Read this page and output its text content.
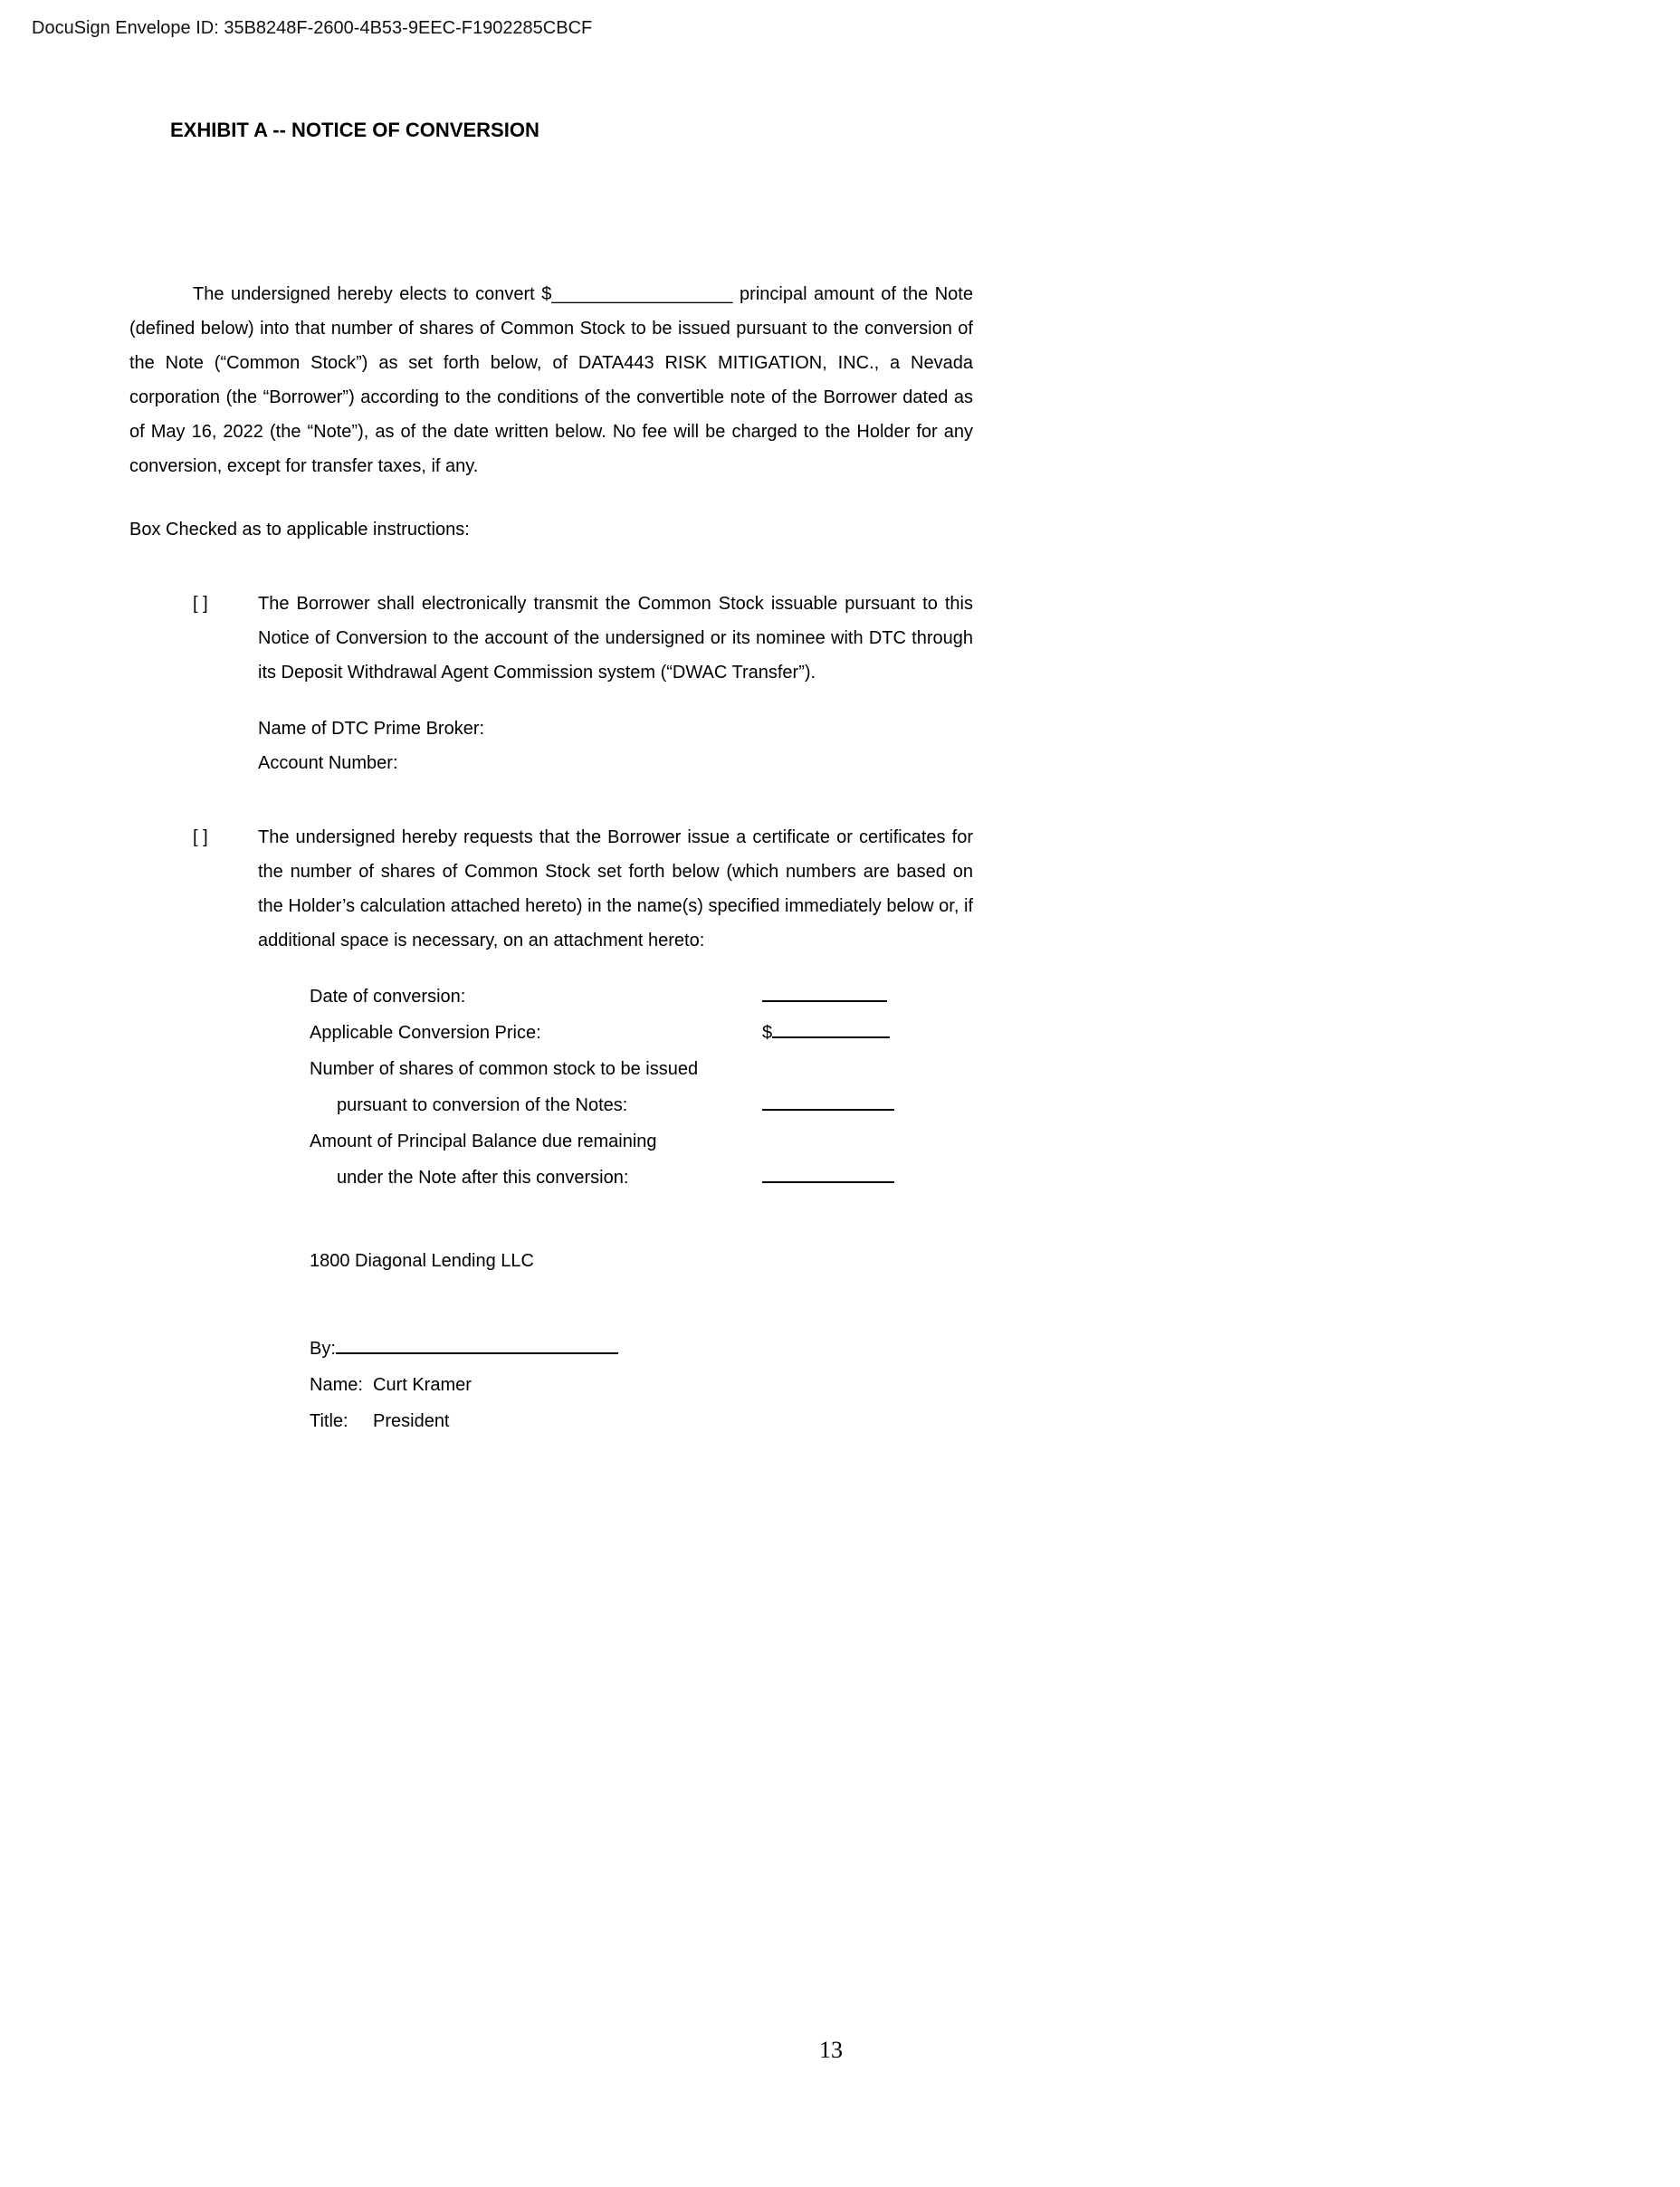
DocuSign Envelope ID: 35B8248F-2600-4B53-9EEC-F1902285CBCF
EXHIBIT A -- NOTICE OF CONVERSION
The undersigned hereby elects to convert $__________________ principal amount of the Note (defined below) into that number of shares of Common Stock to be issued pursuant to the conversion of the Note (“Common Stock”) as set forth below, of DATA443 RISK MITIGATION, INC., a Nevada corporation (the “Borrower”) according to the conditions of the convertible note of the Borrower dated as of May 16, 2022 (the “Note”), as of the date written below. No fee will be charged to the Holder for any conversion, except for transfer taxes, if any.
Box Checked as to applicable instructions:
[ ]	The Borrower shall electronically transmit the Common Stock issuable pursuant to this Notice of Conversion to the account of the undersigned or its nominee with DTC through its Deposit Withdrawal Agent Commission system (“DWAC Transfer”).
Name of DTC Prime Broker:
Account Number:
[ ]	The undersigned hereby requests that the Borrower issue a certificate or certificates for the number of shares of Common Stock set forth below (which numbers are based on the Holder’s calculation attached hereto) in the name(s) specified immediately below or, if additional space is necessary, on an attachment hereto:
Date of conversion:
Applicable Conversion Price:	$
Number of shares of common stock to be issued
pursuant to conversion of the Notes:
Amount of Principal Balance due remaining
under the Note after this conversion:
1800 Diagonal Lending LLC
By:
Name: Curt Kramer
Title:	President
13
